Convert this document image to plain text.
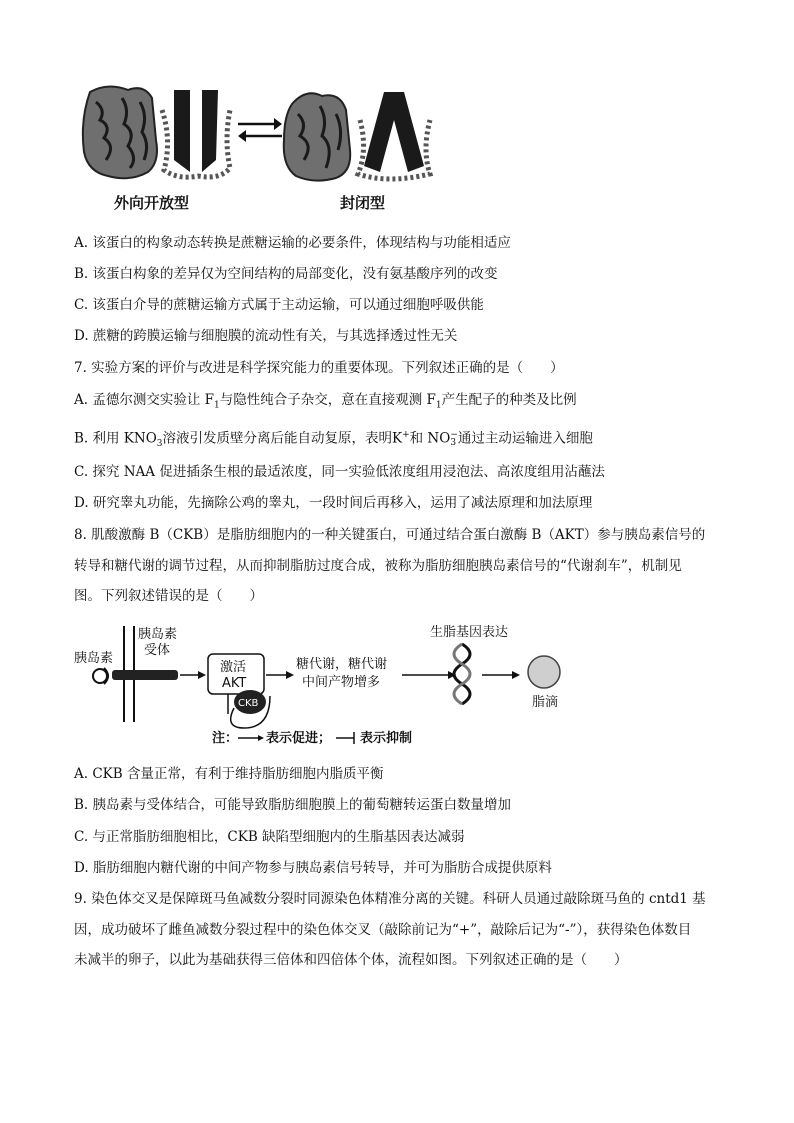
外向开放型	封闭型
A. 该蛋白的构象动态转换是蔗糖运输的必要条件，体现结构与功能相适应
B. 该蛋白构象的差异仅为空间结构的局部变化，没有氨基酸序列的改变
C. 该蛋白介导的蔗糖运输方式属于主动运输，可以通过细胞呼吸供能
D. 蔗糖的跨膜运输与细胞膜的流动性有关，与其选择透过性无关
7. 实验方案的评价与改进是科学探究能力的重要体现。下列叙述正确的是（　　）
A. 孟德尔测交实验让 $F_1$与隐性纯合子杂交，意在直接观测 $F_1$产生配子的种类及比例
B. 利用 $KNO_3$溶液引发质壁分离后能自动复原，表明K+和 NO −
3 通过主动运输进入细胞
C. 探究 NAA 促进插条生根的最适浓度，同一实验低浓度组用浸泡法、高浓度组用沾蘸法
D. 研究睾丸功能，先摘除公鸡的睾丸，一段时间后再移入，运用了减法原理和加法原理
8. 肌酸激酶 B（CKB）是脂肪细胞内的一种关键蛋白，可通过结合蛋白激酶 B（AKT）参与胰岛素信号的
转导和糖代谢的调节过程，从而抑制脂肪过度合成，被称为脂肪细胞胰岛素信号的“代谢刹车”，机制见
图。下列叙述错误的是（　　）
胰岛素
受体
胰岛素
激活
AKT
CKB
糖代谢，糖代谢
中间产物增多
生脂基因表达
脂滴
注： 表示促进； 表示抑制
A. CKB 含量正常，有利于维持脂肪细胞内脂质平衡
B. 胰岛素与受体结合，可能导致脂肪细胞膜上的葡萄糖转运蛋白数量增加
C. 与正常脂肪细胞相比，CKB 缺陷型细胞内的生脂基因表达减弱
D. 脂肪细胞内糖代谢的中间产物参与胰岛素信号转导，并可为脂肪合成提供原料
9. 染色体交叉是保障斑马鱼减数分裂时同源染色体精准分离的关键。科研人员通过敲除斑马鱼的 cntd1 基
因，成功破坏了雌鱼减数分裂过程中的染色体交叉（敲除前记为“+”，敲除后记为“-”），获得染色体数目
未减半的卵子，以此为基础获得三倍体和四倍体个体，流程如图。下列叙述正确的是（　　）
